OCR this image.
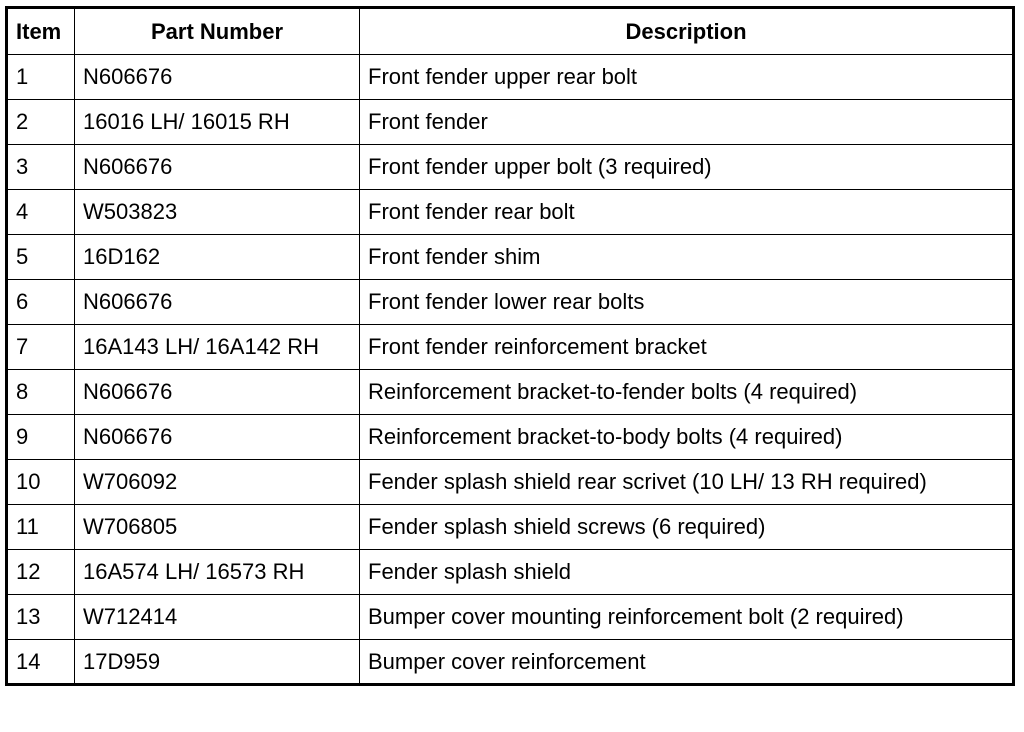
Item	Part Number	Description
1	N606676	Front fender upper rear bolt
2	16016 LH/ 16015 RH	Front fender
3	N606676	Front fender upper bolt (3 required)
4	W503823	Front fender rear bolt
5	16D162	Front fender shim
6	N606676	Front fender lower rear bolts
7	16A143 LH/ 16A142 RH	Front fender reinforcement bracket
8	N606676	Reinforcement bracket-to-fender bolts (4 required)
9	N606676	Reinforcement bracket-to-body bolts (4 required)
10	W706092	Fender splash shield rear scrivet (10 LH/ 13 RH required)
11	W706805	Fender splash shield screws (6 required)
12	16A574 LH/ 16573 RH	Fender splash shield
13	W712414	Bumper cover mounting reinforcement bolt (2 required)
14	17D959	Bumper cover reinforcement
